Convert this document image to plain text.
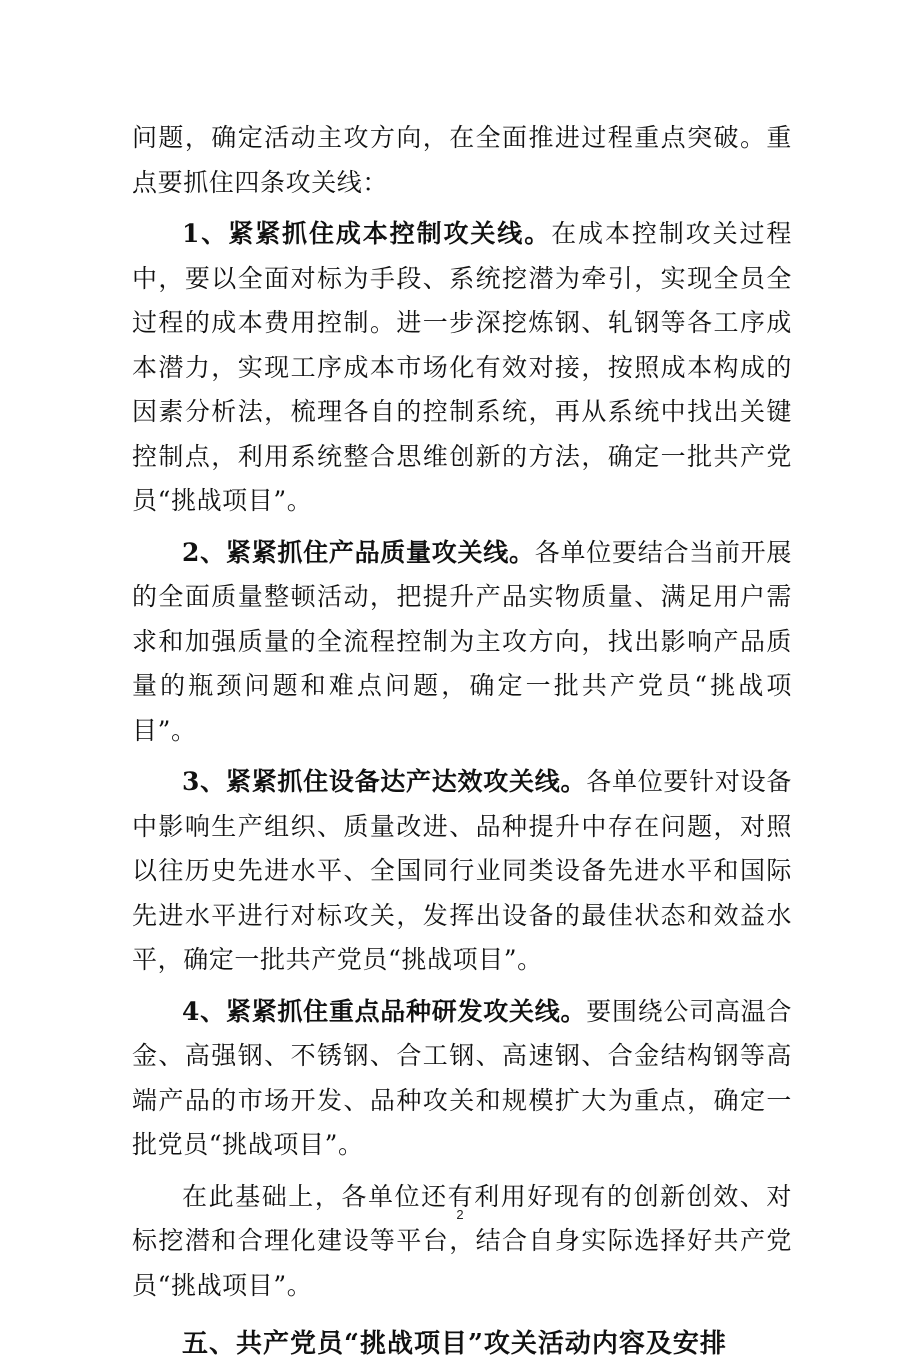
问题，确定活动主攻方向，在全面推进过程重点突破。重点要抓住四条攻关线：

1、紧紧抓住成本控制攻关线。在成本控制攻关过程中，要以全面对标为手段、系统挖潜为牵引，实现全员全过程的成本费用控制。进一步深挖炼钢、轧钢等各工序成本潜力，实现工序成本市场化有效对接，按照成本构成的因素分析法，梳理各自的控制系统，再从系统中找出关键控制点，利用系统整合思维创新的方法，确定一批共产党员“挑战项目”。

2、紧紧抓住产品质量攻关线。各单位要结合当前开展的全面质量整顿活动，把提升产品实物质量、满足用户需求和加强质量的全流程控制为主攻方向，找出影响产品质量的瓶颈问题和难点问题，确定一批共产党员“挑战项目”。

3、紧紧抓住设备达产达效攻关线。各单位要针对设备中影响生产组织、质量改进、品种提升中存在问题，对照以往历史先进水平、全国同行业同类设备先进水平和国际先进水平进行对标攻关，发挥出设备的最佳状态和效益水平，确定一批共产党员“挑战项目”。

4、紧紧抓住重点品种研发攻关线。要围绕公司高温合金、高强钢、不锈钢、合工钢、高速钢、合金结构钢等高端产品的市场开发、品种攻关和规模扩大为重点，确定一批党员“挑战项目”。

在此基础上，各单位还有利用好现有的创新创效、对标挖潜和合理化建设等平台，结合自身实际选择好共产党员“挑战项目”。

五、共产党员“挑战项目”攻关活动内容及安排
2
